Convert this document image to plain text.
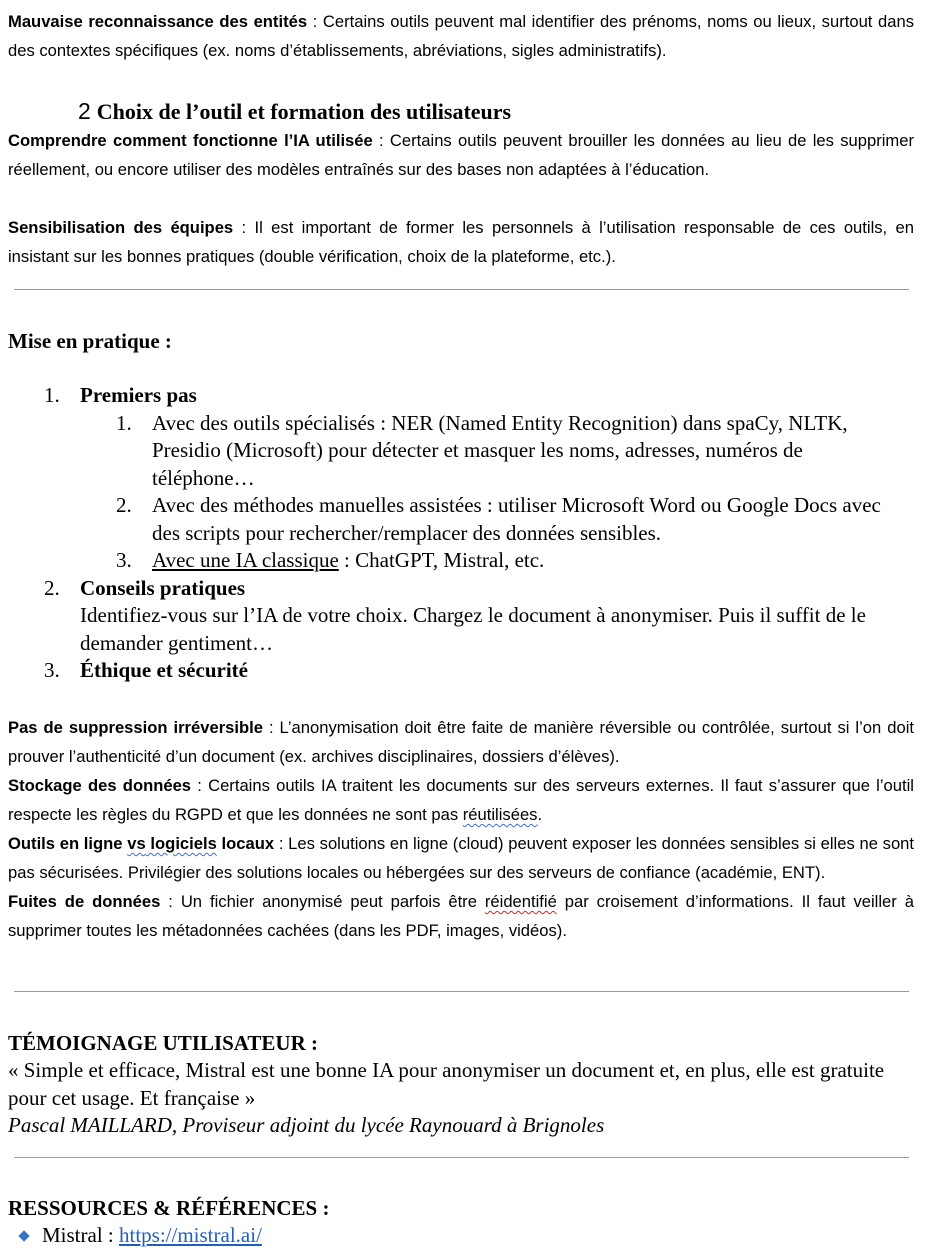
Mauvaise reconnaissance des entités : Certains outils peuvent mal identifier des prénoms, noms ou lieux, surtout dans des contextes spécifiques (ex. noms d’établissements, abréviations, sigles administratifs).

2 Choix de l’outil et formation des utilisateurs

Comprendre comment fonctionne l’IA utilisée : Certains outils peuvent brouiller les données au lieu de les supprimer réellement, ou encore utiliser des modèles entraînés sur des bases non adaptées à l’éducation.

Sensibilisation des équipes : Il est important de former les personnels à l’utilisation responsable de ces outils, en insistant sur les bonnes pratiques (double vérification, choix de la plateforme, etc.).

Mise en pratique :

1. Premiers pas
1. Avec des outils spécialisés : NER (Named Entity Recognition) dans spaCy, NLTK, Presidio (Microsoft) pour détecter et masquer les noms, adresses, numéros de téléphone…
2. Avec des méthodes manuelles assistées : utiliser Microsoft Word ou Google Docs avec des scripts pour rechercher/remplacer des données sensibles.
3. Avec une IA classique : ChatGPT, Mistral, etc.
2. Conseils pratiques
Identifiez-vous sur l’IA de votre choix. Chargez le document à anonymiser. Puis il suffit de le demander gentiment…
3. Éthique et sécurité

Pas de suppression irréversible : L’anonymisation doit être faite de manière réversible ou contrôlée, surtout si l’on doit prouver l’authenticité d’un document (ex. archives disciplinaires, dossiers d’élèves).

Stockage des données : Certains outils IA traitent les documents sur des serveurs externes. Il faut s’assurer que l’outil respecte les règles du RGPD et que les données ne sont pas réutilisées.

Outils en ligne vs logiciels locaux : Les solutions en ligne (cloud) peuvent exposer les données sensibles si elles ne sont pas sécurisées. Privilégier des solutions locales ou hébergées sur des serveurs de confiance (académie, ENT).

Fuites de données : Un fichier anonymisé peut parfois être réidentifié par croisement d’informations. Il faut veiller à supprimer toutes les métadonnées cachées (dans les PDF, images, vidéos).

TÉMOIGNAGE UTILISATEUR :

« Simple et efficace, Mistral est une bonne IA pour anonymiser un document et, en plus, elle est gratuite pour cet usage. Et française »

Pascal MAILLARD, Proviseur adjoint du lycée Raynouard à Brignoles

RESSOURCES & RÉFÉRENCES :

Mistral : https://mistral.ai/
